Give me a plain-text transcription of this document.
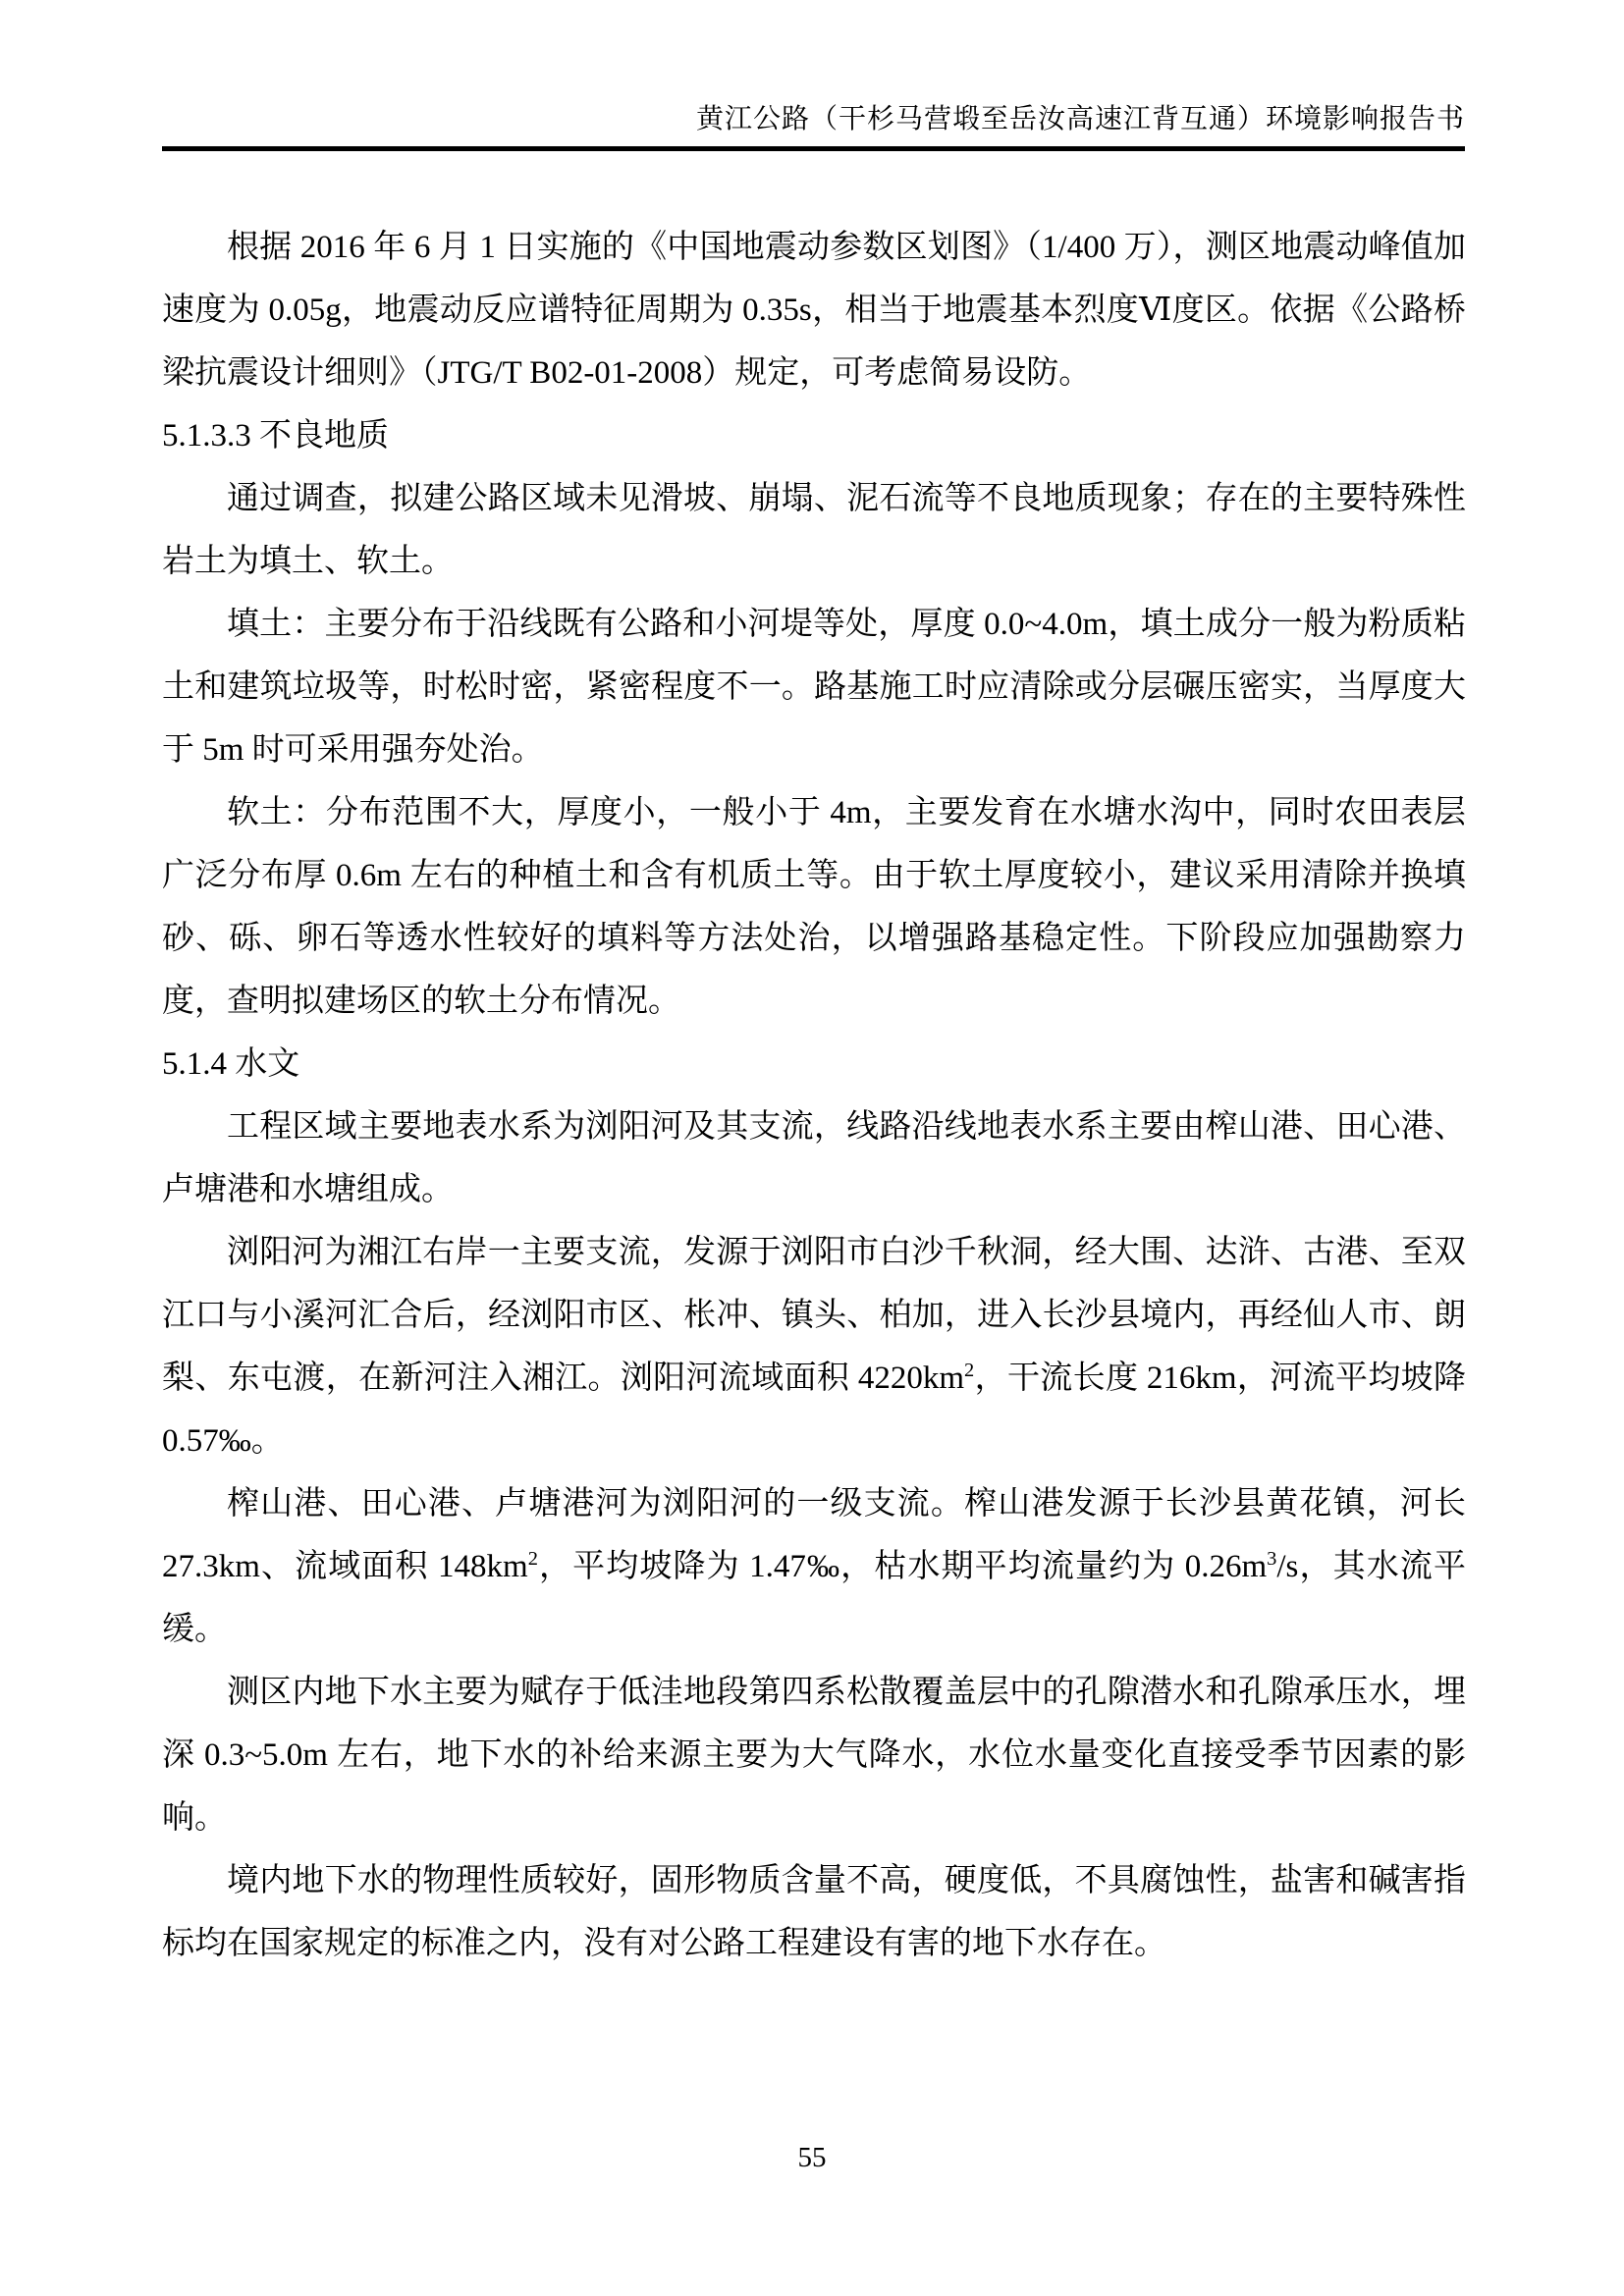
黄江公路（干杉马营塅至岳汝高速江背互通）环境影响报告书

根据 2016 年 6 月 1 日实施的《中国地震动参数区划图》（1/400 万），测区地震动峰值加速度为 0.05g，地震动反应谱特征周期为 0.35s，相当于地震基本烈度Ⅵ度区。依据《公路桥梁抗震设计细则》（JTG/T B02-01-2008）规定，可考虑简易设防。

5.1.3.3 不良地质

通过调查，拟建公路区域未见滑坡、崩塌、泥石流等不良地质现象；存在的主要特殊性岩土为填土、软土。

填土：主要分布于沿线既有公路和小河堤等处，厚度 0.0~4.0m，填土成分一般为粉质粘土和建筑垃圾等，时松时密，紧密程度不一。路基施工时应清除或分层碾压密实，当厚度大于 5m 时可采用强夯处治。

软土：分布范围不大，厚度小，一般小于 4m，主要发育在水塘水沟中，同时农田表层广泛分布厚 0.6m 左右的种植土和含有机质土等。由于软土厚度较小，建议采用清除并换填砂、砾、卵石等透水性较好的填料等方法处治，以增强路基稳定性。下阶段应加强勘察力度，查明拟建场区的软土分布情况。

5.1.4 水文

工程区域主要地表水系为浏阳河及其支流，线路沿线地表水系主要由榨山港、田心港、卢塘港和水塘组成。

浏阳河为湘江右岸一主要支流，发源于浏阳市白沙千秋洞，经大围、达浒、古港、至双江口与小溪河汇合后，经浏阳市区、枨冲、镇头、柏加，进入长沙县境内，再经仙人市、朗梨、东屯渡，在新河注入湘江。浏阳河流域面积 $4220km^2$，干流长度 216km，河流平均坡降 0.57‰。

榨山港、田心港、卢塘港河为浏阳河的一级支流。榨山港发源于长沙县黄花镇，河长 27.3km、流域面积 $148km^2$，平均坡降为 1.47‰，枯水期平均流量约为 $0.26m^3/s$，其水流平缓。

测区内地下水主要为赋存于低洼地段第四系松散覆盖层中的孔隙潜水和孔隙承压水，埋深 0.3~5.0m 左右，地下水的补给来源主要为大气降水，水位水量变化直接受季节因素的影响。

境内地下水的物理性质较好，固形物质含量不高，硬度低，不具腐蚀性，盐害和碱害指标均在国家规定的标准之内，没有对公路工程建设有害的地下水存在。

55
